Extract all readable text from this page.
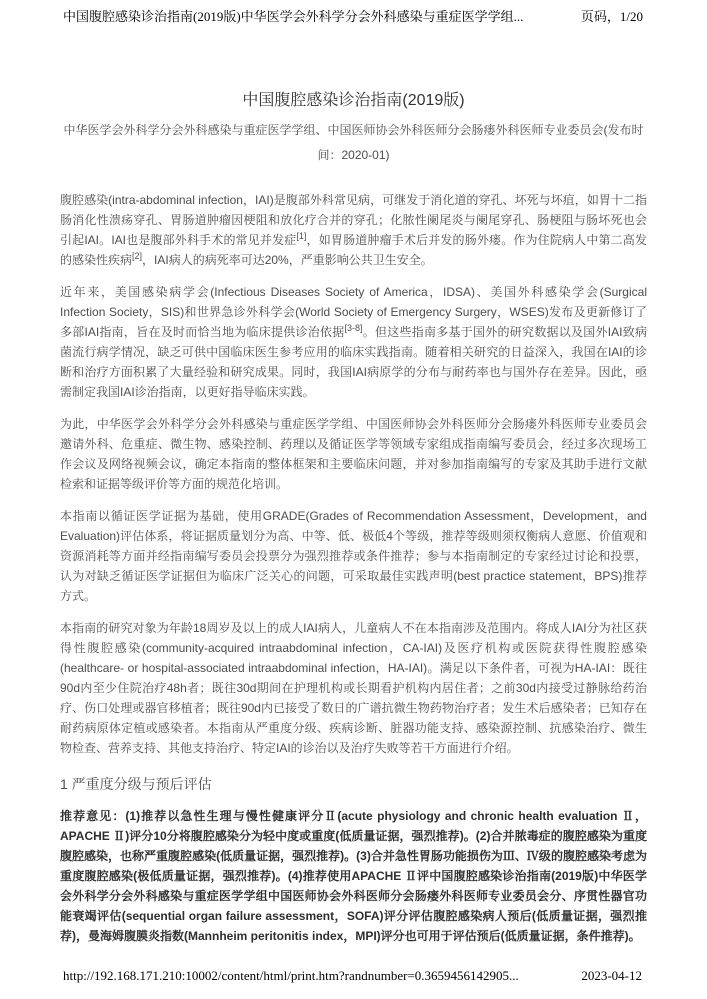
中国腹腔感染诊治指南(2019版)中华医学会外科学分会外科感染与重症医学学组...	页码，1/20
中国腹腔感染诊治指南(2019版)
中华医学会外科学分会外科感染与重症医学学组、中国医师协会外科医师分会肠瘘外科医师专业委员会(发布时间：2020-01)

腹腔感染(intra-abdominal infection，IAI)是腹部外科常见病，可继发于消化道的穿孔、坏死与坏疽，如胃十二指肠消化性溃疡穿孔、胃肠道肿瘤因梗阻和放化疗合并的穿孔；化脓性阑尾炎与阑尾穿孔、肠梗阻与肠坏死也会引起IAI。IAI也是腹部外科手术的常见并发症[1]，如胃肠道肿瘤手术后并发的肠外瘘。作为住院病人中第二高发的感染性疾病[2]，IAI病人的病死率可达20%，严重影响公共卫生安全。

近年来，美国感染病学会(Infectious Diseases Society of America，IDSA)、美国外科感染学会(Surgical Infection Society，SIS)和世界急诊外科学会(World Society of Emergency Surgery，WSES)发布及更新修订了多部IAI指南，旨在及时而恰当地为临床提供诊治依据[3-8]。但这些指南多基于国外的研究数据以及国外IAI致病菌流行病学情况，缺乏可供中国临床医生参考应用的临床实践指南。随着相关研究的日益深入，我国在IAI的诊断和治疗方面积累了大量经验和研究成果。同时，我国IAI病原学的分布与耐药率也与国外存在差异。因此，亟需制定我国IAI诊治指南，以更好指导临床实践。

为此，中华医学会外科学分会外科感染与重症医学学组、中国医师协会外科医师分会肠瘘外科医师专业委员会邀请外科、危重症、微生物、感染控制、药理以及循证医学等领域专家组成指南编写委员会，经过多次现场工作会议及网络视频会议，确定本指南的整体框架和主要临床问题，并对参加指南编写的专家及其助手进行文献检索和证据等级评价等方面的规范化培训。

本指南以循证医学证据为基础，使用GRADE(Grades of Recommendation Assessment，Development，and Evaluation)评估体系，将证据质量划分为高、中等、低、极低4个等级，推荐等级则须权衡病人意愿、价值观和资源消耗等方面并经指南编写委员会投票分为强烈推荐或条件推荐；参与本指南制定的专家经过讨论和投票，认为对缺乏循证医学证据但为临床广泛关心的问题，可采取最佳实践声明(best practice statement，BPS)推荐方式。

本指南的研究对象为年龄18周岁及以上的成人IAI病人，儿童病人不在本指南涉及范围内。将成人IAI分为社区获得性腹腔感染(community-acquired intraabdominal infection，CA-IAI)及医疗机构或医院获得性腹腔感染(healthcare- or hospital-associated intraabdominal infection，HA-IAI)。满足以下条件者，可视为HA-IAI：既往90d内至少住院治疗48h者；既往30d期间在护理机构或长期看护机构内居住者；之前30d内接受过静脉给药治疗、伤口处理或器官移植者；既往90d内已接受了数日的广谱抗微生物药物治疗者；发生术后感染者；已知存在耐药病原体定植或感染者。本指南从严重度分级、疾病诊断、脏器功能支持、感染源控制、抗感染治疗、微生物检查、营养支持、其他支持治疗、特定IAI的诊治以及治疗失败等若干方面进行介绍。

1 严重度分级与预后评估

推荐意见：(1)推荐以急性生理与慢性健康评分Ⅱ(acute physiology and chronic health evaluation Ⅱ，APACHE Ⅱ)评分10分将腹腔感染分为轻中度或重度(低质量证据，强烈推荐)。(2)合并脓毒症的腹腔感染为重度腹腔感染，也称严重腹腔感染(低质量证据，强烈推荐)。(3)合并急性胃肠功能损伤为Ⅲ、Ⅳ级的腹腔感染考虑为重度腹腔感染(极低质量证据，强烈推荐)。(4)推荐使用APACHE Ⅱ评中国腹腔感染诊治指南(2019版)中华医学会外科学分会外科感染与重症医学学组中国医师协会外科医师分会肠瘘外科医师专业委员会分、序贯性器官功能衰竭评估(sequential organ failure assessment，SOFA)评分评估腹腔感染病人预后(低质量证据，强烈推荐)，曼海姆腹膜炎指数(Mannheim peritonitis index，MPI)评分也可用于评估预后(低质量证据，条件推荐)。

http://192.168.171.210:10002/content/html/print.htm?randnumber=0.3659456142905...	2023-04-12
